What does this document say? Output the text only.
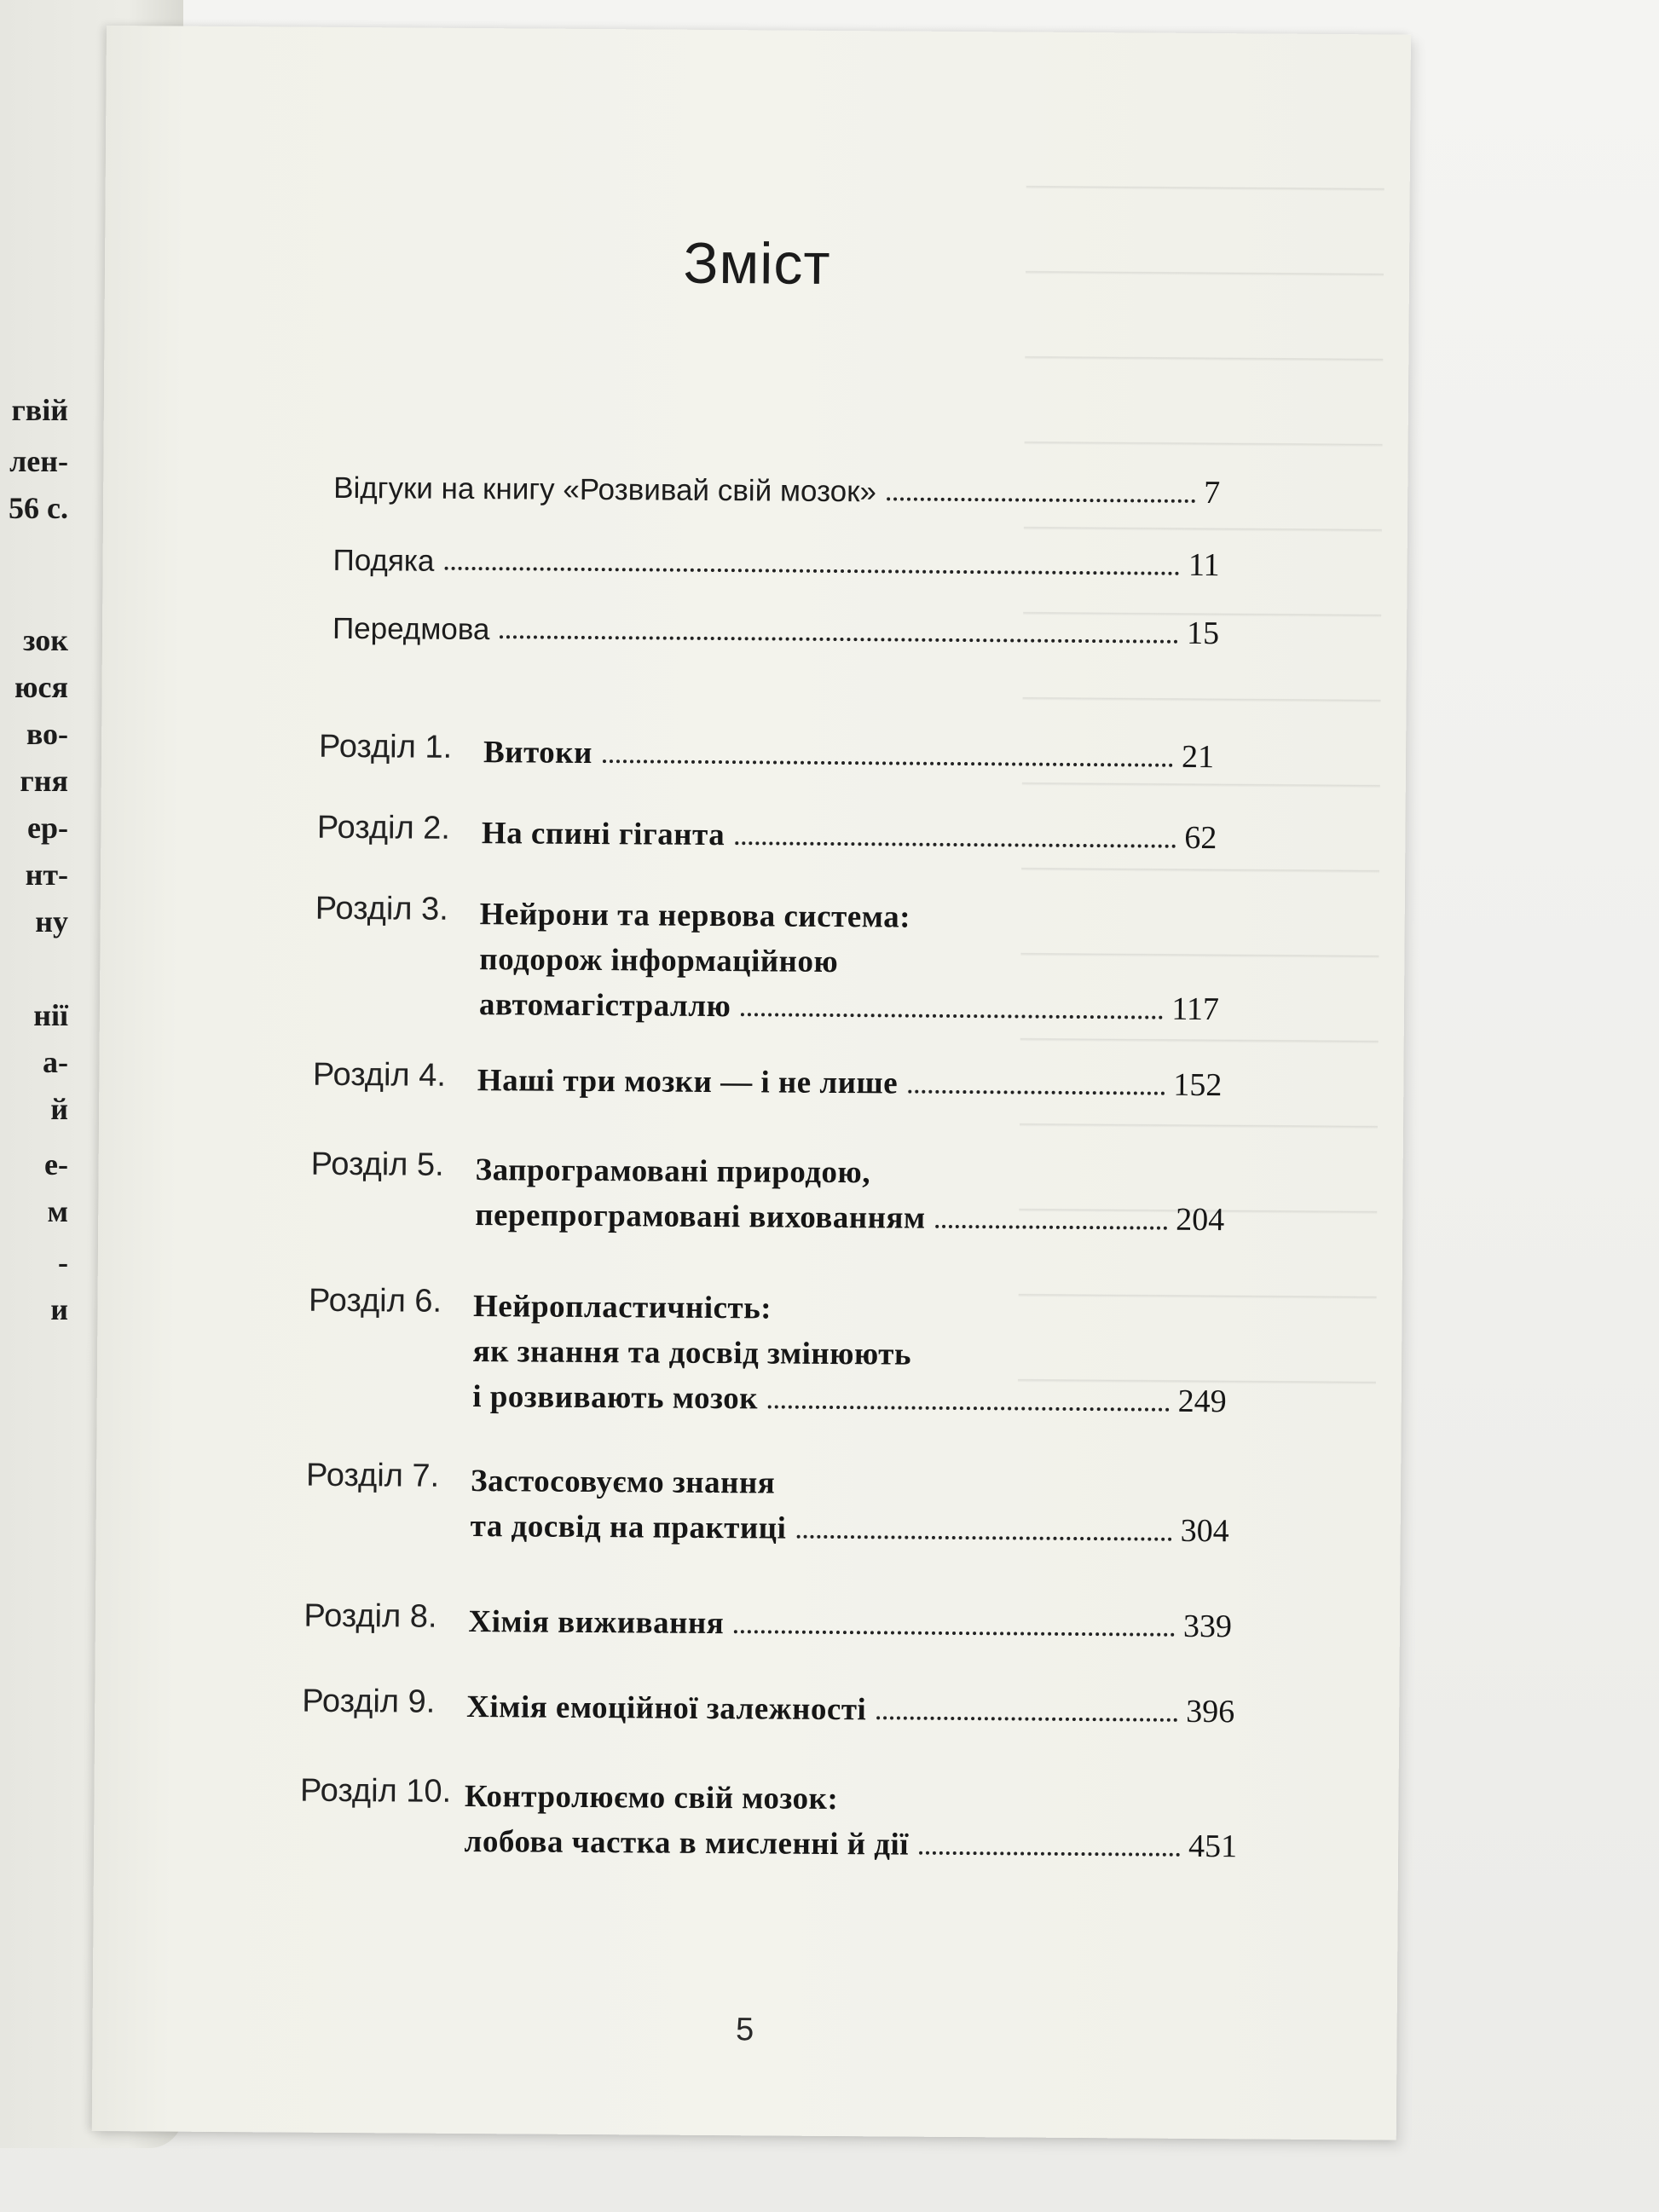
гвій
лен-
56 с.
зок
юся
во-
гня
ер-
нт-
ну
нії
а-
й
е-
м
-
и
Зміст
Відгуки на книгу «Розвивай свій мозок»	7
Подяка	11
Передмова	15
Розділ 1. Витоки	21
Розділ 2. На спині гіганта	62
Розділ 3. Нейрони та нервова система:
подорож інформаційною
автомагістраллю	117
Розділ 4. Наші три мозки — і не лише	152
Розділ 5. Запрограмовані природою,
перепрограмовані вихованням	204
Розділ 6. Нейропластичність:
як знання та досвід змінюють
і розвивають мозок	249
Розділ 7. Застосовуємо знання
та досвід на практиці	304
Розділ 8. Хімія виживання	339
Розділ 9. Хімія емоційної залежності	396
Розділ 10. Контролюємо свій мозок:
лобова частка в мисленні й дії	451
5
